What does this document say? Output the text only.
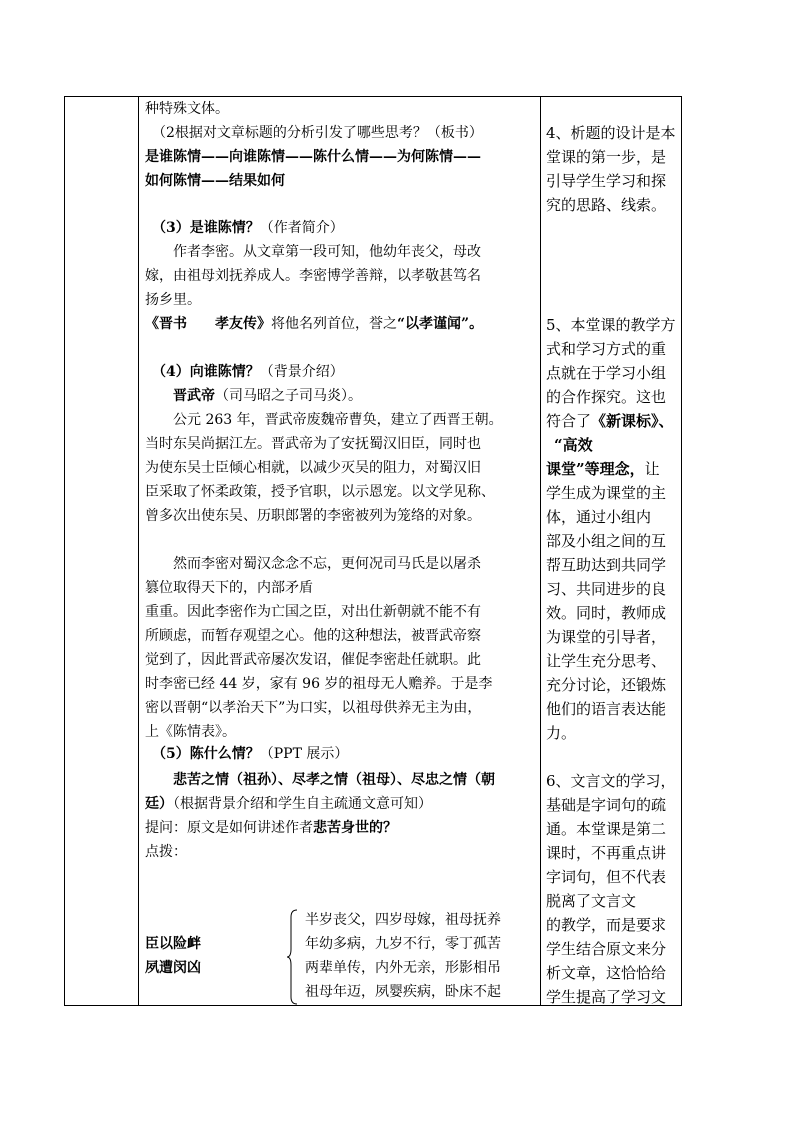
种特殊文体。
（2根据对文章标题的分析引发了哪些思考？（板书）
是谁陈情——向谁陈情——陈什么情——为何陈情——
如何陈情——结果如何
（3）是谁陈情？（作者简介）
作者李密。从文章第一段可知，他幼年丧父，母改
嫁，由祖母刘抚养成人。李密博学善辩，以孝敬甚笃名
扬乡里。
《晋书　　孝友传》将他名列首位，誉之“以孝谨闻”。
（4）向谁陈情？（背景介绍）
晋武帝（司马昭之子司马炎）。
公元 263 年，晋武帝废魏帝曹奂，建立了西晋王朝。
当时东吴尚据江左。晋武帝为了安抚蜀汉旧臣，同时也
为使东吴士臣倾心相就，以减少灭吴的阻力，对蜀汉旧
臣采取了怀柔政策，授予官职，以示恩宠。以文学见称、
曾多次出使东吴、历职郎署的李密被列为笼络的对象。
然而李密对蜀汉念念不忘，更何况司马氏是以屠杀
篡位取得天下的，内部矛盾
重重。因此李密作为亡国之臣，对出仕新朝就不能不有
所顾虑，而暂存观望之心。他的这种想法，被晋武帝察
觉到了，因此晋武帝屡次发诏，催促李密赴任就职。此
时李密已经 44 岁，家有 96 岁的祖母无人赡养。于是李
密以晋朝“以孝治天下”为口实，以祖母供养无主为由，
上《陈情表》。
（5）陈什么情？（PPT 展示）
悲苦之情（祖孙）、尽孝之情（祖母）、尽忠之情（朝
廷）（根据背景介绍和学生自主疏通文意可知）
提问：原文是如何讲述作者悲苦身世的？
点拨：
臣以险衅
夙遭闵凶
半岁丧父，四岁母嫁，祖母抚养
年幼多病，九岁不行，零丁孤苦
两辈单传，内外无亲，形影相吊
祖母年迈，夙婴疾病，卧床不起
4、析题的设计是本
堂课的第一步，是
引导学生学习和探
究的思路、线索。
5、本堂课的教学方
式和学习方式的重
点就在于学习小组
的合作探究。这也
符合了《新课标》、
“高效
课堂”等理念，让
学生成为课堂的主
体，通过小组内
部及小组之间的互
帮互助达到共同学
习、共同进步的良
效。同时，教师成
为课堂的引导者，
让学生充分思考、
充分讨论，还锻炼
他们的语言表达能
力。
6、文言文的学习，
基础是字词句的疏
通。本堂课是第二
课时，不再重点讲
字词句，但不代表
脱离了文言文
的教学，而是要求
学生结合原文来分
析文章，这恰恰给
学生提高了学习文
